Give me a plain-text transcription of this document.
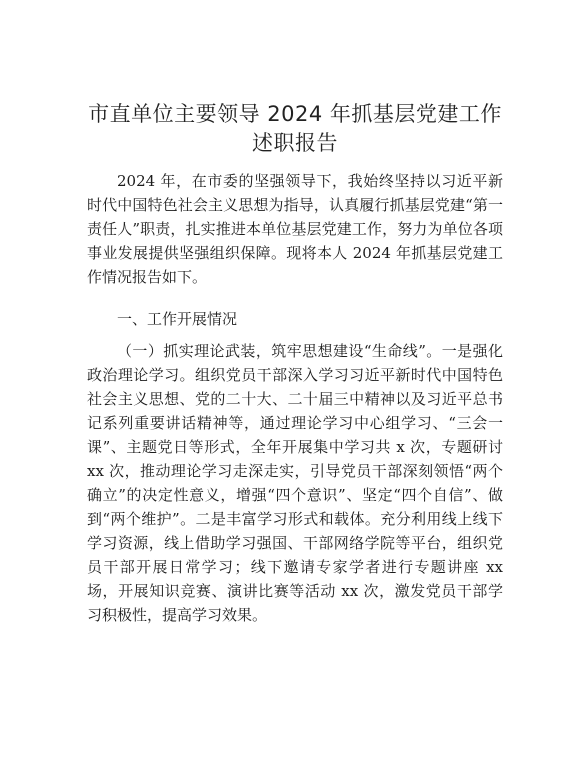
市直单位主要领导 2024 年抓基层党建工作述职报告

2024 年，在市委的坚强领导下，我始终坚持以习近平新时代中国特色社会主义思想为指导，认真履行抓基层党建“第一责任人”职责，扎实推进本单位基层党建工作，努力为单位各项事业发展提供坚强组织保障。现将本人 2024 年抓基层党建工作情况报告如下。

一、工作开展情况

（一）抓实理论武装，筑牢思想建设“生命线”。一是强化政治理论学习。组织党员干部深入学习习近平新时代中国特色社会主义思想、党的二十大、二十届三中精神以及习近平总书记系列重要讲话精神等，通过理论学习中心组学习、“三会一课”、主题党日等形式，全年开展集中学习共 x 次，专题研讨 xx 次，推动理论学习走深走实，引导党员干部深刻领悟“两个确立”的决定性意义，增强“四个意识”、坚定“四个自信”、做到“两个维护”。二是丰富学习形式和载体。充分利用线上线下学习资源，线上借助学习强国、干部网络学院等平台，组织党员干部开展日常学习；线下邀请专家学者进行专题讲座 xx 场，开展知识竞赛、演讲比赛等活动 xx 次，激发党员干部学习积极性，提高学习效果。
